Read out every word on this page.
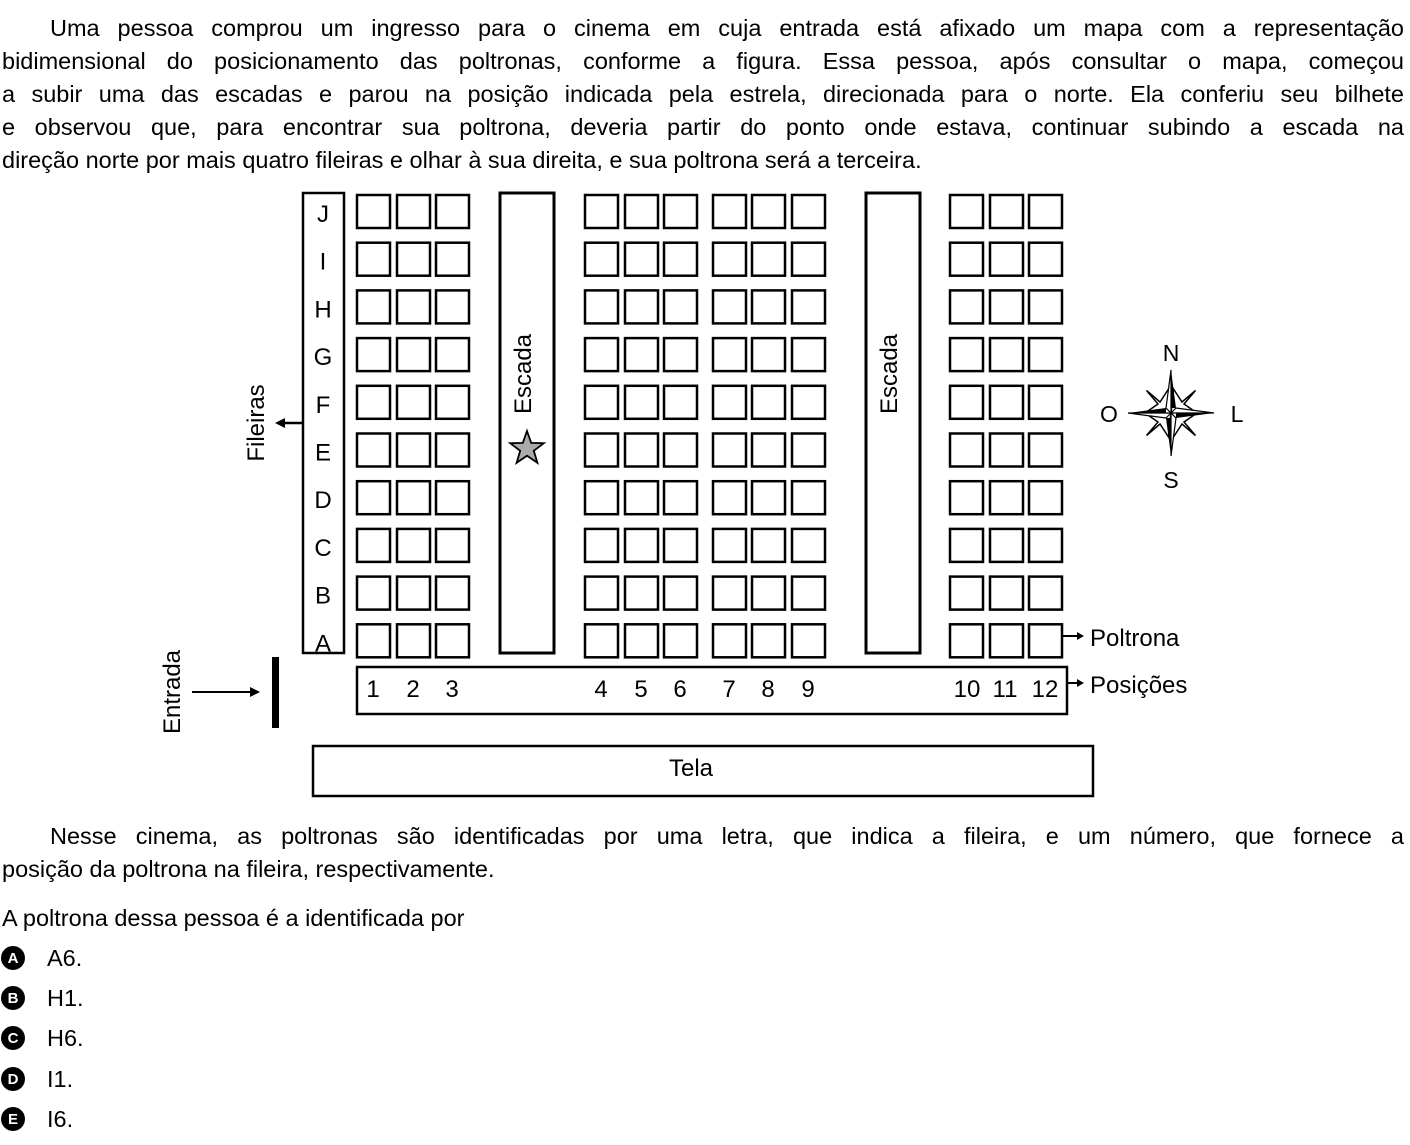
Uma pessoa comprou um ingresso para o cinema em cuja entrada está afixado um mapa com a representação
bidimensional do posicionamento das poltronas, conforme a figura. Essa pessoa, após consultar o mapa, começou
a subir uma das escadas e parou na posição indicada pela estrela, direcionada para o norte. Ela conferiu seu bilhete
e observou que, para encontrar sua poltrona, deveria partir do ponto onde estava, continuar subindo a escada na
direção norte por mais quatro fileiras e olhar à sua direita, e sua poltrona será a terceira.
J
I
H
G
F
E
D
C
B
A
Escada	Escada
Fileiras
1 2 3	4 5 6 7 8 9	10 11 12
Poltrona
Posições
Entrada
Tela
N
S
O	L
Nesse cinema, as poltronas são identificadas por uma letra, que indica a fileira, e um número, que fornece a
posição da poltrona na fileira, respectivamente.
A poltrona dessa pessoa é a identificada por
A A6.
B H1.
C H6.
D I1.
E I6.
